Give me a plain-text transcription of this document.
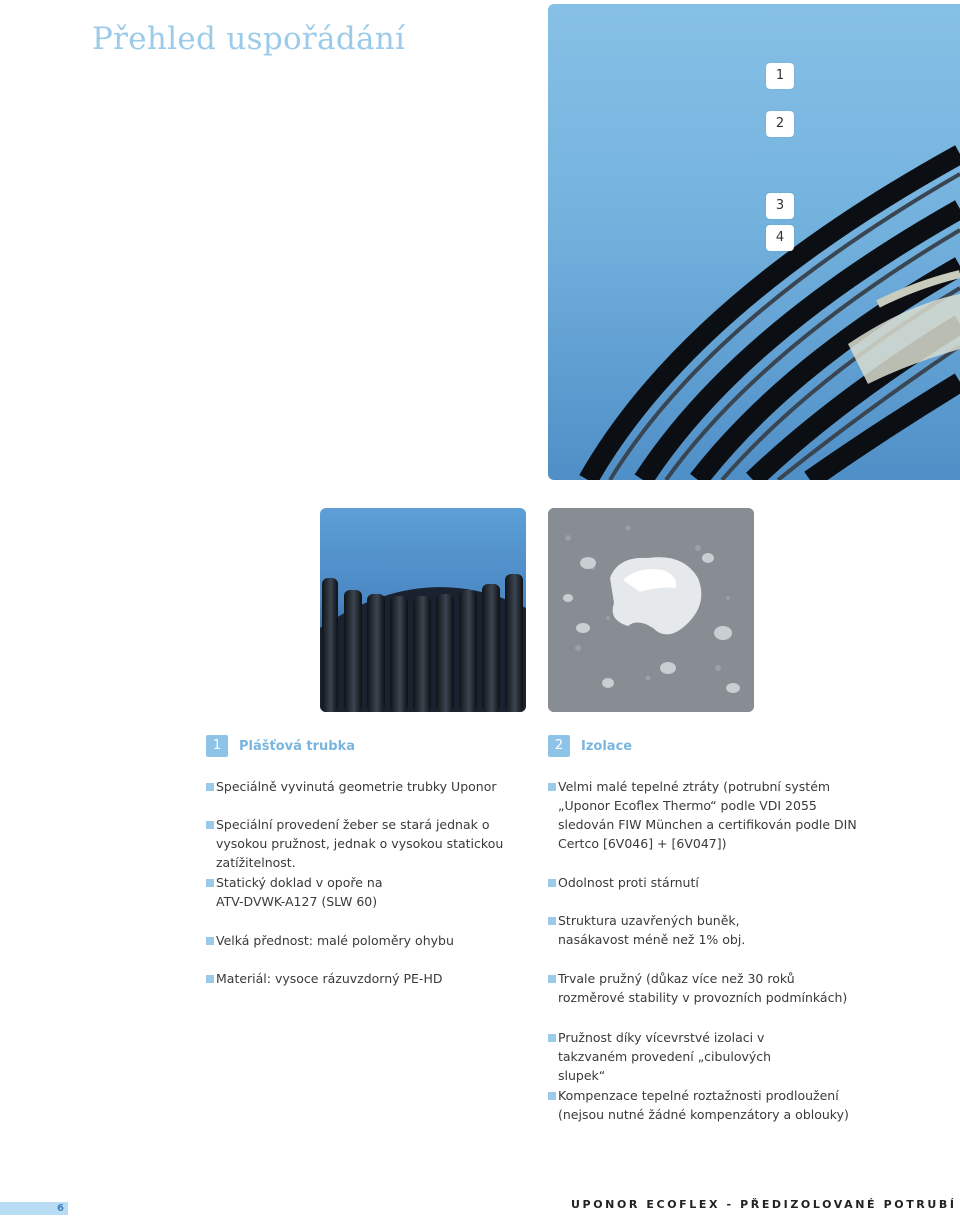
Přehled uspořádání
1
2
3
4
1	Plášťová trubka
Speciálně vyvinutá geometrie trubky Uponor
Speciální provedení žeber se stará jednak o vysokou pružnost, jednak o vysokou statickou zatížitelnost.
Statický doklad v opoře na ATV-DVWK-A127 (SLW 60)
Velká přednost: malé poloměry ohybu
Materiál: vysoce rázuvzdorný PE-HD
2	Izolace
Velmi malé tepelné ztráty (potrubní systém „Uponor Ecoflex Thermo“ podle VDI 2055 sledován FIW München a certifikován podle DIN Certco [6V046] + [6V047])
Odolnost proti stárnutí
Struktura uzavřených buněk, nasákavost méně než 1% obj.
Trvale pružný (důkaz více než 30 roků rozměrové stability v provozních podmínkách)
Pružnost díky vícevrstvé izolaci v takzvaném provedení „cibulových slupek“
Kompenzace tepelné roztažnosti prodloužení (nejsou nutné žádné kompenzátory a oblouky)
6	UPONOR ECOFLEX - PŘEDIZOLOVANÉ POTRUBÍ
